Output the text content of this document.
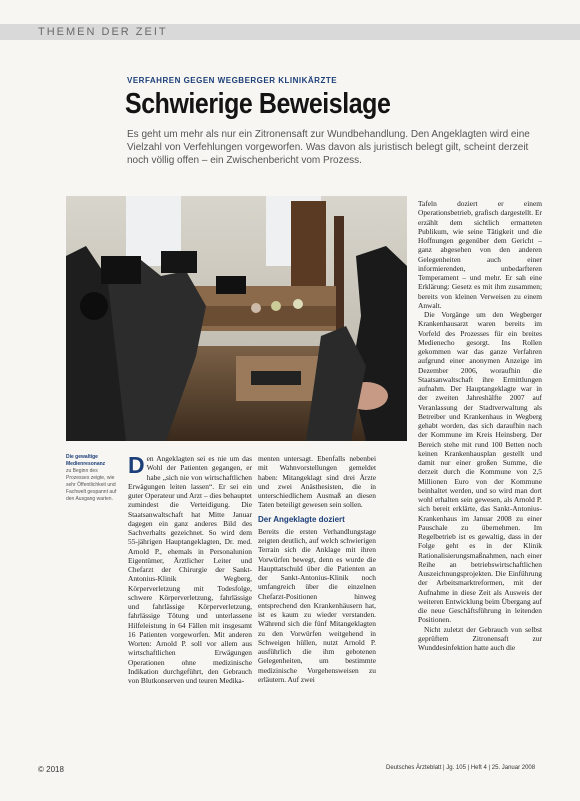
THEMEN DER ZEIT
VERFAHREN GEGEN WEGBERGER KLINIKÄRZTE
Schwierige Beweislage
Es geht um mehr als nur ein Zitronensaft zur Wundbehandlung. Den Angeklagten wird eine Vielzahl von Verfehlungen vorgeworfen. Was davon als juristisch belegt gilt, scheint derzeit noch völlig offen – ein Zwischenbericht vom Prozess.
Die gewaltige Medienresonanz
zu Beginn des Prozesses zeigte, wie sehr Öffentlichkeit und Fachwelt gespannt auf den Ausgang warten.
D en Angeklagten sei es nie um das Wohl der Patienten gegangen, er habe „sich nie von wirtschaftlichen Erwägungen leiten lassen“. Er sei ein guter Operateur und Arzt – dies behauptet zumindest die Verteidigung. Die Staatsanwaltschaft hat Mitte Januar dagegen ein ganz anderes Bild des Sachverhalts gezeichnet. So wird dem 55-jährigen Hauptangeklagten, Dr. med. Arnold P., ehemals in Personalunion Eigentümer, Ärztlicher Leiter und Chefarzt der Chirurgie der Sankt-Antonius-Klinik Wegberg, Körperverletzung mit Todesfolge, schwere Körperverletzung, fahrlässige und fahrlässige Körperverletzung, fahrlässige Tötung und unterlassene Hilfeleistung in 64 Fällen mit insgesamt 16 Patienten vorgeworfen. Mit anderen Worten: Arnold P. soll vor allem aus wirtschaftlichen Erwägungen Operationen ohne medizinische Indikation durchgeführt, den Gebrauch von Blutkonserven und teuren Medika-

menten untersagt. Ebenfalls nebenbei mit Wahnvorstellungen gemeldet haben: Mitangeklagt sind drei Ärzte und zwei Anästhesisten, die in unterschiedlichem Ausmaß an diesen Taten beteiligt gewesen sein sollen.

Der Angeklagte doziert

Bereits die ersten Verhandlungstage zeigten deutlich, auf welch schwierigen Terrain sich die Anklage mit ihren Vorwürfen bewegt, denn es wurde die Haupttatschuld über die Patienten an der Sankt-Antonius-Klinik noch umfangreich über die einzelnen Chefarzt-Positionen hinweg entsprechend den Krankenhäusern hat, ist es kaum zu wieder verstanden. Während sich die fünf Mitangeklagten zu den Vorwürfen weitgehend in Schweigen hüllen, nutzt Arnold P. ausführlich die ihm gebotenen Gelegenheiten, um bestimmte medizinische Vorgehensweisen zu erläutern. Auf zwei

Tafeln doziert er einem Operationsbetrieb, grafisch dargestellt. Er erzählt dem sichtlich ermatteten Publikum, wie seine Tätigkeit und die Hoffnungen gegenüber dem Gericht – ganz abgesehen von den anderen Gelegenheiten auch einer informierenden, unbedarfteren Temperament – und mehr. Er sah eine Erklärung: Gesetz es mit ihm zusammen; bereits von kleinen Verweisen zu einem Anwalt.

Die Vorgänge um den Wegberger Krankenhausarzt waren bereits im Vorfeld des Prozesses für ein breites Medienecho gesorgt. Ins Rollen gekommen war das ganze Verfahren aufgrund einer anonymen Anzeige im Dezember 2006, woraufhin die Staatsanwaltschaft ihre Ermittlungen aufnahm. Der Hauptangeklagte war in der zweiten Jahreshälfte 2007 auf Veranlassung der Stadtverwaltung als Betreiber und Krankenhaus in Wegberg gehabt worden, das sich daraufhin nach der Kommune im Kreis Heinsberg. Der Bereich stehe mit rund 100 Betten noch keinen Krankenhausplan gestellt und damit nur einer großen Summe, die derzeit durch die Kommune von 2,5 Millionen Euro von der Kommune beinhaltet werden, und so wird man dort wohl erhalten sein gewesen, als Arnold P. sich bereit erklärte, das Sankt-Antonius-Krankenhaus im Januar 2008 zu einer Pauschale zu übernehmen. Im Regelbetrieb ist es gewaltig, dass in der Folge geht es in der Klinik Rationalisierungsmaßnahmen, nach einer Reihe an betriebswirtschaftlichen Auszeichnungsprojekten. Die Einführung der Arbeitsmarktreformen, mit der Aufnahme in diese Zeit als Ausweis der weiteren Entwicklung beim Übergang auf die neue Geschäftsführung in leitenden Positionen.

Nicht zuletzt der Gebrauch von selbst geprüftem Zitronensaft zur Wunddesinfektion hatte auch die

© 2018	Deutsches Ärzteblatt | Jg. 105 | Heft 4 | 25. Januar 2008
